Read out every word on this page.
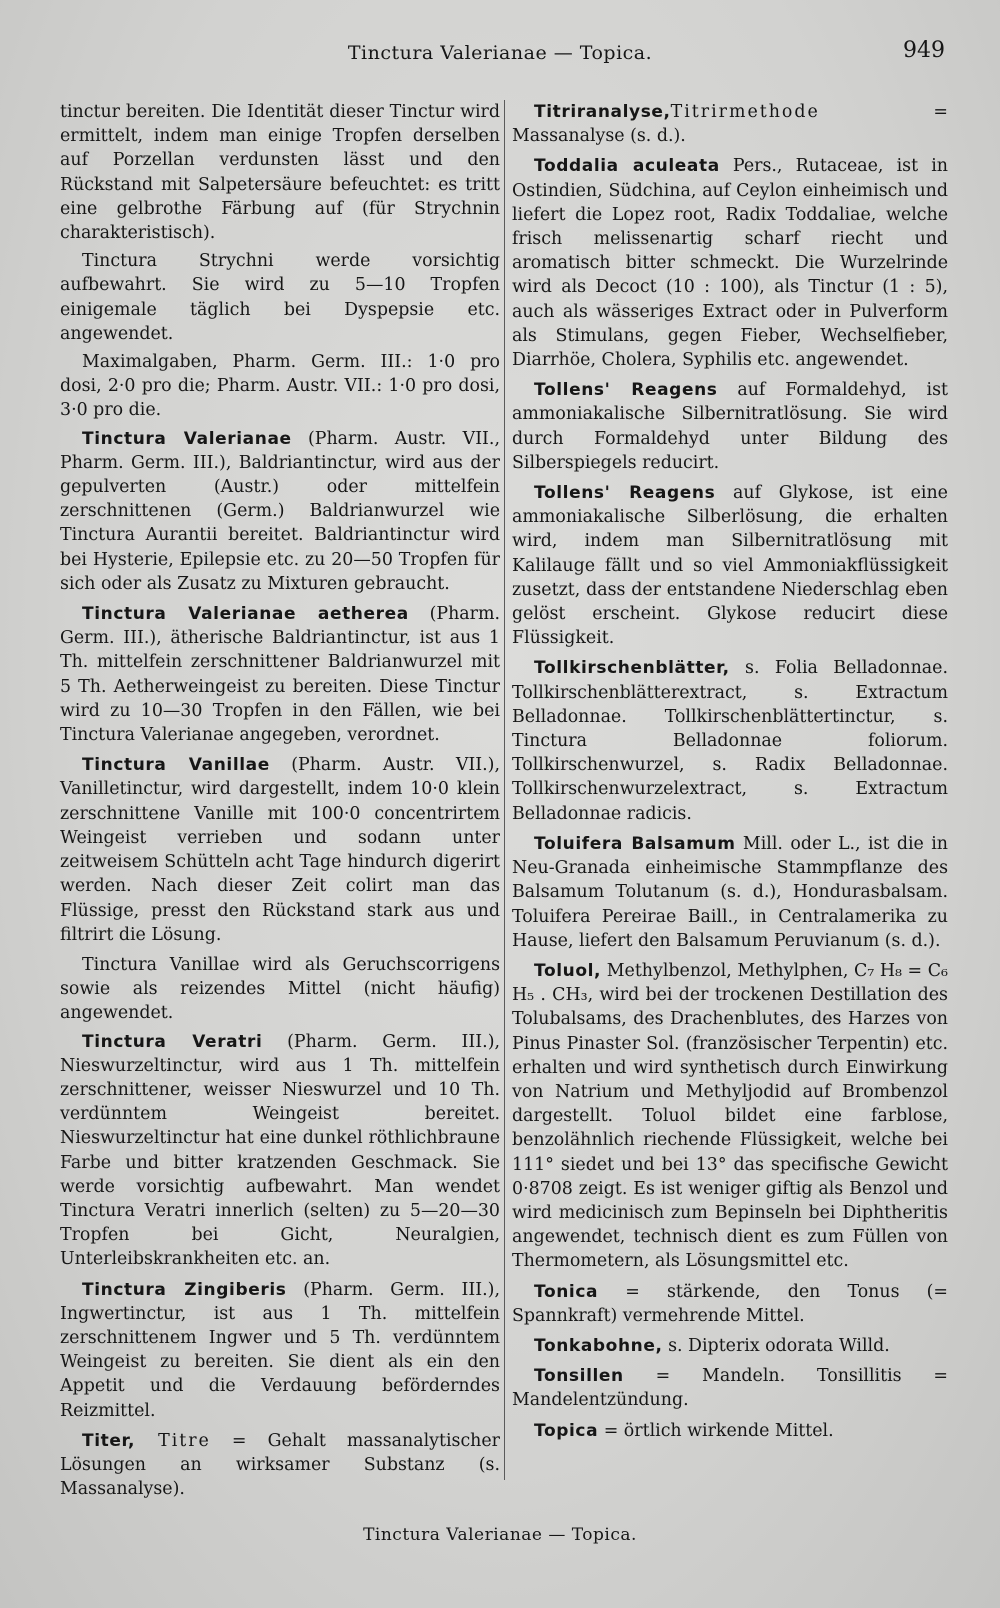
Tinctura Valerianae — Topica.	949

tinctur bereiten. Die Identität dieser Tinctur wird ermittelt, indem man einige Tropfen derselben auf Porzellan verdunsten lässt und den Rückstand mit Salpetersäure befeuchtet: es tritt eine gelbrothe Färbung auf (für Strychnin charakteristisch).

Tinctura Strychni werde vorsichtig aufbewahrt. Sie wird zu 5—10 Tropfen einigemale täglich bei Dyspepsie etc. angewendet.

Maximalgaben, Pharm. Germ. III.: 1·0 pro dosi, 2·0 pro die; Pharm. Austr. VII.: 1·0 pro dosi, 3·0 pro die.

Tinctura Valerianae (Pharm. Austr. VII., Pharm. Germ. III.), Baldriantinctur, wird aus der gepulverten (Austr.) oder mittelfein zerschnittenen (Germ.) Baldrianwurzel wie Tinctura Aurantii bereitet. Baldriantinctur wird bei Hysterie, Epilepsie etc. zu 20—50 Tropfen für sich oder als Zusatz zu Mixturen gebraucht.

Tinctura Valerianae aetherea (Pharm. Germ. III.), ätherische Baldriantinctur, ist aus 1 Th. mittelfein zerschnittener Baldrianwurzel mit 5 Th. Aetherweingeist zu bereiten. Diese Tinctur wird zu 10—30 Tropfen in den Fällen, wie bei Tinctura Valerianae angegeben, verordnet.

Tinctura Vanillae (Pharm. Austr. VII.), Vanilletinctur, wird dargestellt, indem 10·0 klein zerschnittene Vanille mit 100·0 concentrirtem Weingeist verrieben und sodann unter zeitweisem Schütteln acht Tage hindurch digerirt werden. Nach dieser Zeit colirt man das Flüssige, presst den Rückstand stark aus und filtrirt die Lösung.

Tinctura Vanillae wird als Geruchscorrigens sowie als reizendes Mittel (nicht häufig) angewendet.

Tinctura Veratri (Pharm. Germ. III.), Nieswurzeltinctur, wird aus 1 Th. mittelfein zerschnittener, weisser Nieswurzel und 10 Th. verdünntem Weingeist bereitet. Nieswurzeltinctur hat eine dunkel röthlichbraune Farbe und bitter kratzenden Geschmack. Sie werde vorsichtig aufbewahrt. Man wendet Tinctura Veratri innerlich (selten) zu 5—20—30 Tropfen bei Gicht, Neuralgien, Unterleibskrankheiten etc. an.

Tinctura Zingiberis (Pharm. Germ. III.), Ingwertinctur, ist aus 1 Th. mittelfein zerschnittenem Ingwer und 5 Th. verdünntem Weingeist zu bereiten. Sie dient als ein den Appetit und die Verdauung beförderndes Reizmittel.

Titer, Titre = Gehalt massanalytischer Lösungen an wirksamer Substanz (s. Massanalyse).

Titriranalyse,Titrirmethode = Massanalyse (s. d.).

Toddalia aculeata Pers., Rutaceae, ist in Ostindien, Südchina, auf Ceylon einheimisch und liefert die Lopez root, Radix Toddaliae, welche frisch melissenartig scharf riecht und aromatisch bitter schmeckt. Die Wurzelrinde wird als Decoct (10 : 100), als Tinctur (1 : 5), auch als wässeriges Extract oder in Pulverform als Stimulans, gegen Fieber, Wechselfieber, Diarrhöe, Cholera, Syphilis etc. angewendet.

Tollens' Reagens auf Formaldehyd, ist ammoniakalische Silbernitratlösung. Sie wird durch Formaldehyd unter Bildung des Silberspiegels reducirt.

Tollens' Reagens auf Glykose, ist eine ammoniakalische Silberlösung, die erhalten wird, indem man Silbernitratlösung mit Kalilauge fällt und so viel Ammoniakflüssigkeit zusetzt, dass der entstandene Niederschlag eben gelöst erscheint. Glykose reducirt diese Flüssigkeit.

Tollkirschenblätter, s. Folia Belladonnae. Tollkirschenblätterextract, s. Extractum Belladonnae. Tollkirschenblättertinctur, s. Tinctura Belladonnae foliorum. Tollkirschenwurzel, s. Radix Belladonnae. Tollkirschenwurzelextract, s. Extractum Belladonnae radicis.

Toluifera Balsamum Mill. oder L., ist die in Neu-Granada einheimische Stammpflanze des Balsamum Tolutanum (s. d.), Hondurasbalsam. Toluifera Pereirae Baill., in Centralamerika zu Hause, liefert den Balsamum Peruvianum (s. d.).

Toluol, Methylbenzol, Methylphen, C₇ H₈ = C₆ H₅ . CH₃, wird bei der trockenen Destillation des Tolubalsams, des Drachenblutes, des Harzes von Pinus Pinaster Sol. (französischer Terpentin) etc. erhalten und wird synthetisch durch Einwirkung von Natrium und Methyljodid auf Brombenzol dargestellt. Toluol bildet eine farblose, benzolähnlich riechende Flüssigkeit, welche bei 111° siedet und bei 13° das specifische Gewicht 0·8708 zeigt. Es ist weniger giftig als Benzol und wird medicinisch zum Bepinseln bei Diphtheritis angewendet, technisch dient es zum Füllen von Thermometern, als Lösungsmittel etc.

Tonica = stärkende, den Tonus (= Spannkraft) vermehrende Mittel.

Tonkabohne, s. Dipterix odorata Willd.

Tonsillen = Mandeln. Tonsillitis = Mandelentzündung.

Topica = örtlich wirkende Mittel.

Tinctura Valerianae — Topica.
